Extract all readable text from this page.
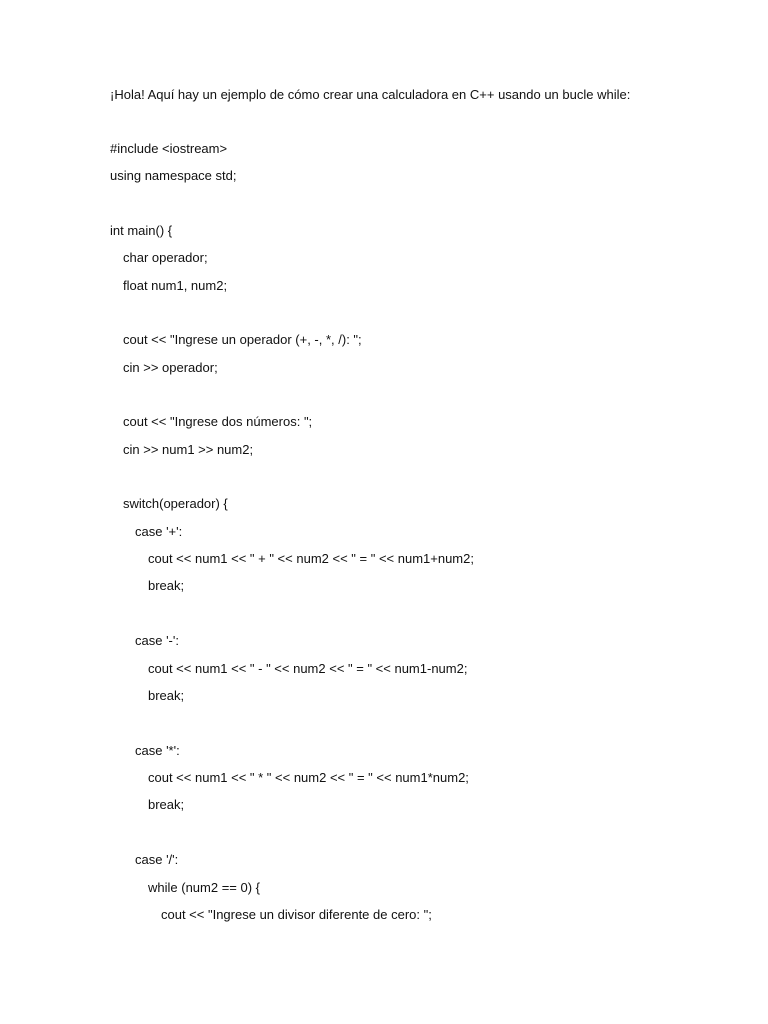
¡Hola! Aquí hay un ejemplo de cómo crear una calculadora en C++ usando un bucle while:
#include <iostream>
using namespace std;
int main() {
char operador;
float num1, num2;
cout << "Ingrese un operador (+, -, *, /): ";
cin >> operador;
cout << "Ingrese dos números: ";
cin >> num1 >> num2;
switch(operador) {
case '+':
cout << num1 << " + " << num2 << " = " << num1+num2;
break;
case '-':
cout << num1 << " - " << num2 << " = " << num1-num2;
break;
case '*':
cout << num1 << " * " << num2 << " = " << num1*num2;
break;
case '/':
while (num2 == 0) {
cout << "Ingrese un divisor diferente de cero: ";
